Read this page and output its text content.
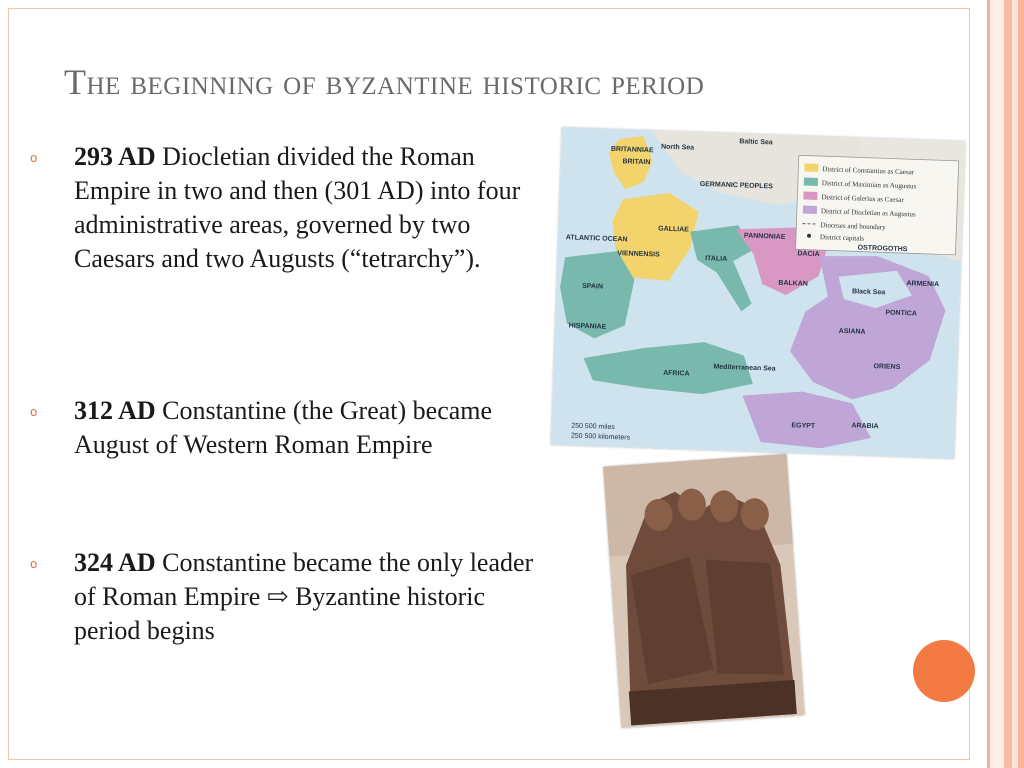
The beginning of byzantine historic period
o 293 AD Diocletian divided the Roman Empire in two and then (301 AD) into four administrative areas, governed by two Caesars and two Augusts (“tetrarchy”).
o 312 AD Constantine (the Great) became August of Western Roman Empire
o 324 AD Constantine became the only leader of Roman Empire ⇨ Byzantine historic period begins
District of Constantius as Caesar
District of Maximian as Augustus
District of Galerius as Caesar
District of Diocletian as Augustus
Dioceses and boundary
District capitals
ATLANTIC OCEAN
BRITANNIAE
BRITAIN
North Sea
Baltic Sea
GERMANIC PEOPLES
GALLIAE
VIENNENSIS
SPAIN
HISPANIAE
ITALIA
PANNONIAE
DACIA
OSTROGOTHS
Black Sea
BALKAN
PONTICA
ARMENIA
ASIANA
ORIENS
Mediterranean Sea
AFRICA
EGYPT	ARABIA
250 500 miles
250 500 kilometers
